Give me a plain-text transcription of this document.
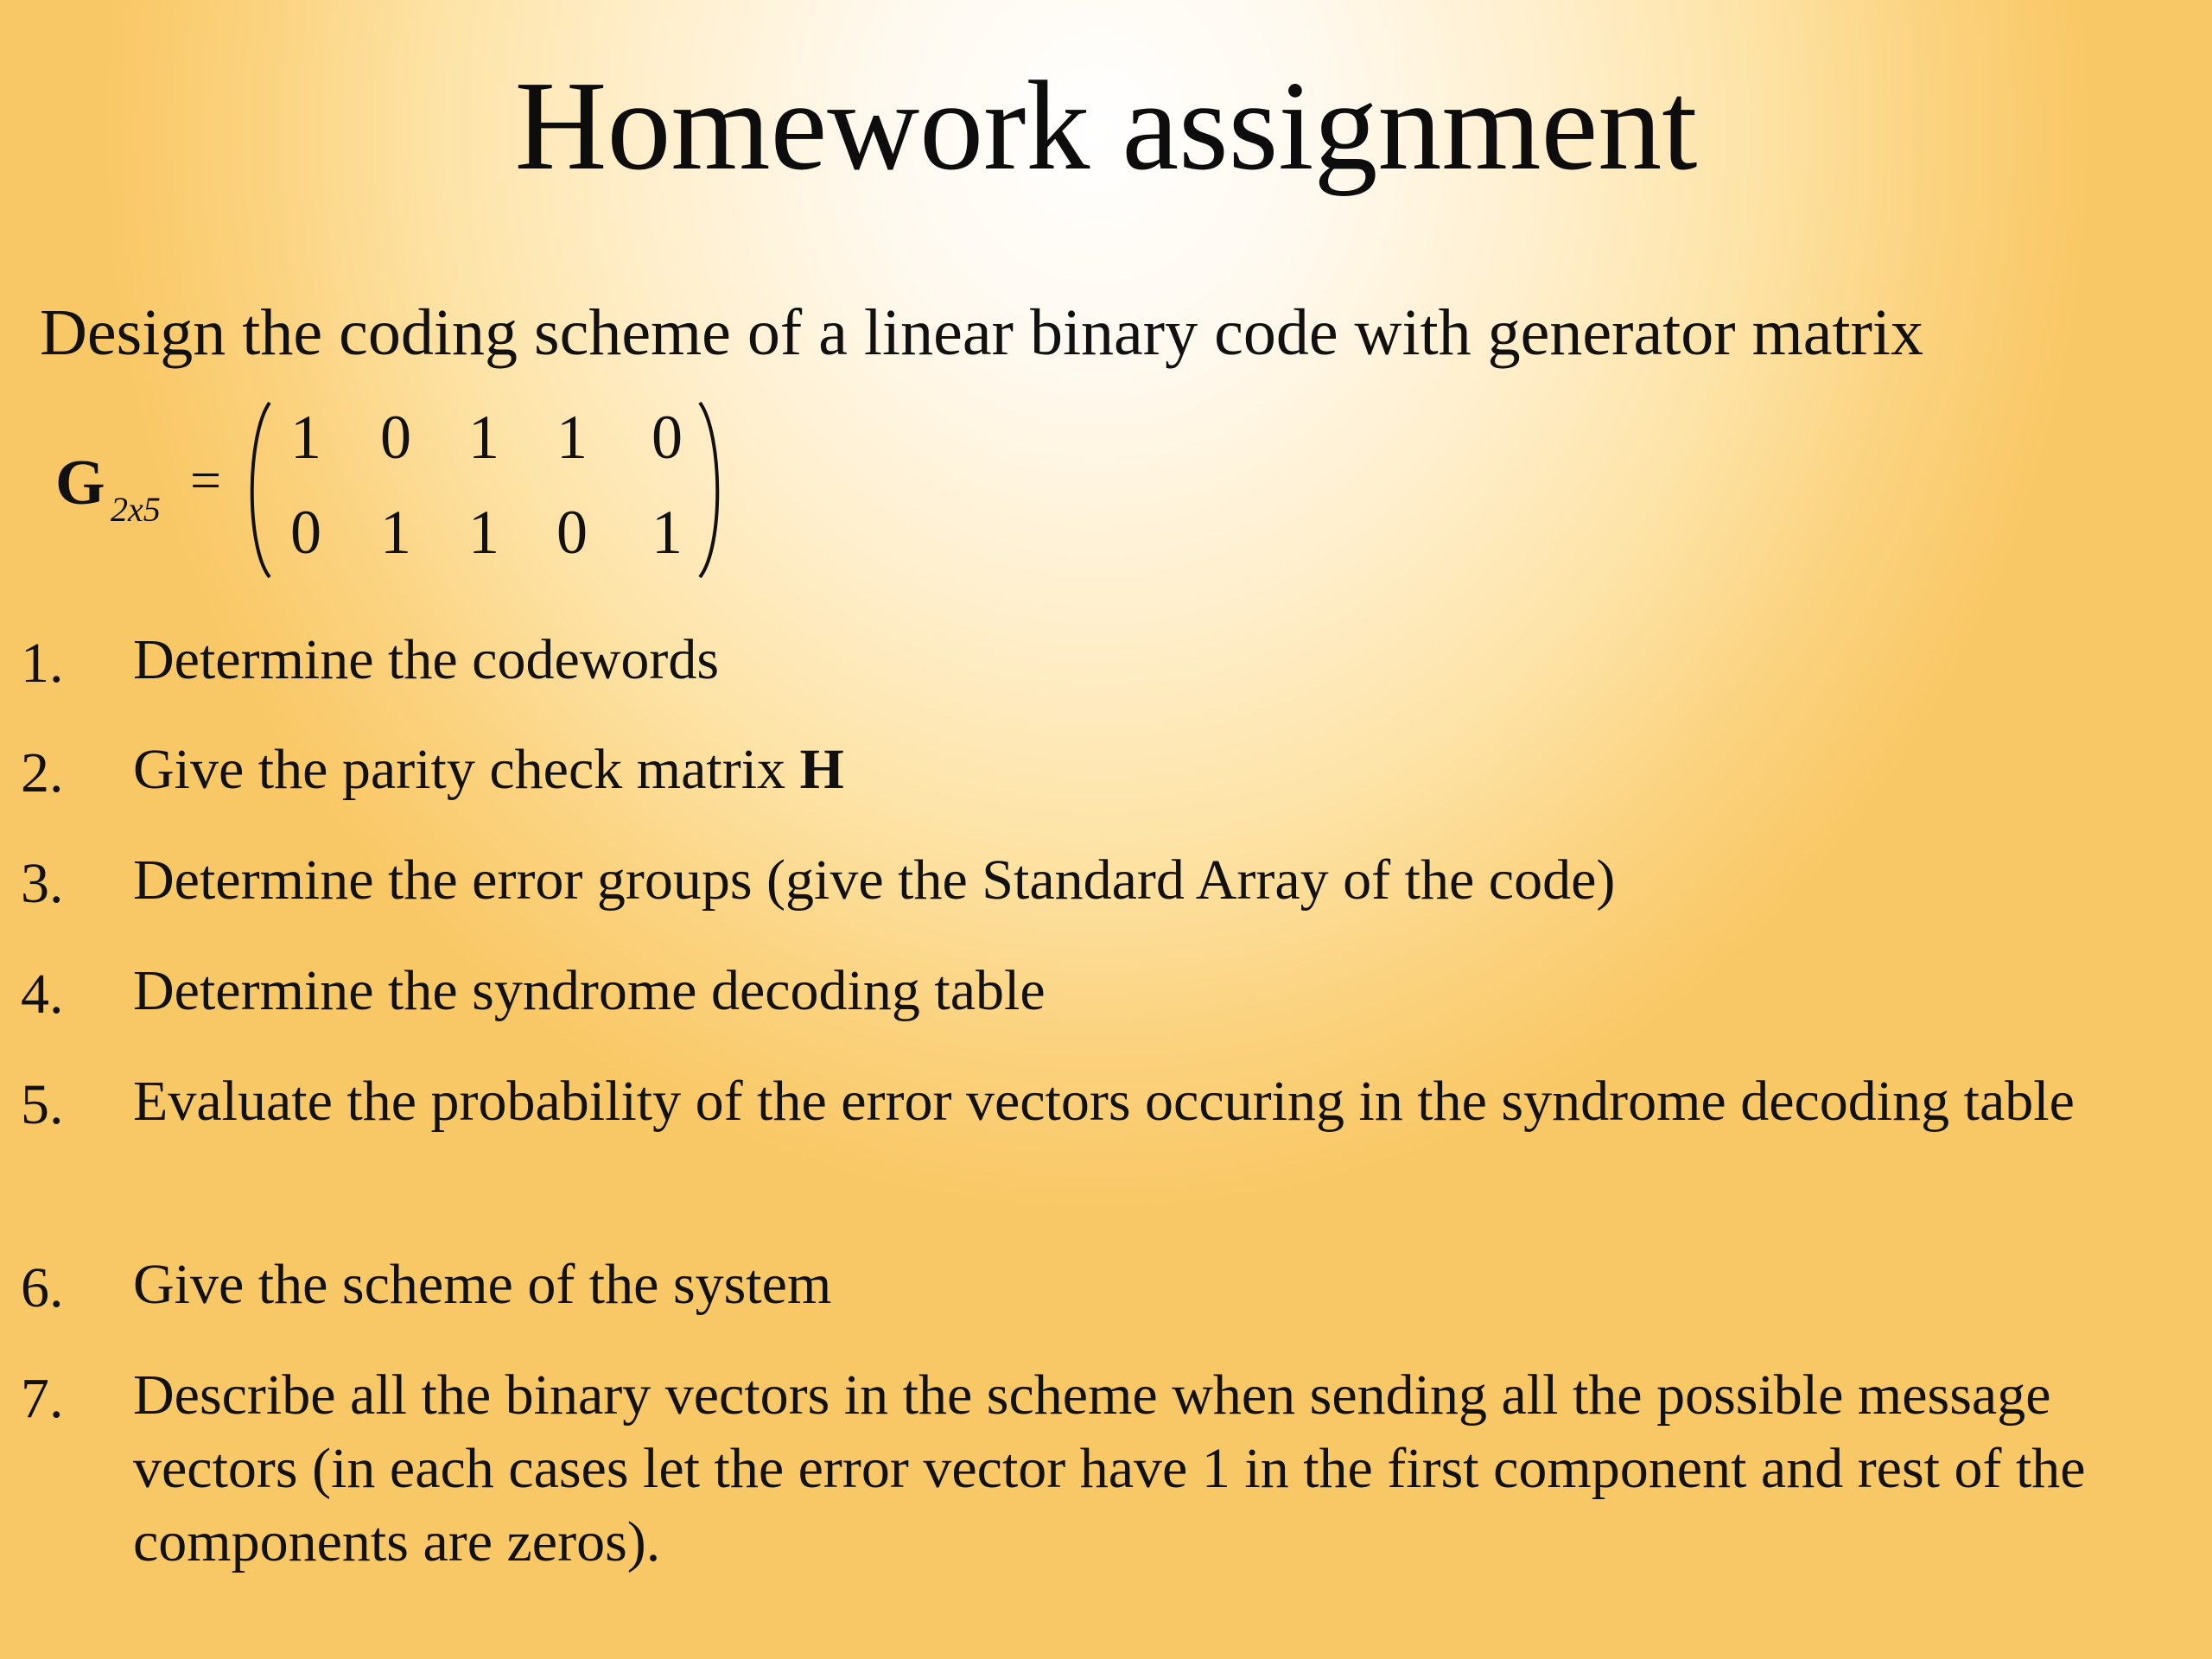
Homework assignment
Design the coding scheme of a linear binary code with generator matrix
G 2x5 =
1 0 1 1	0
0 1 1 0	1
1. Determine the codewords
2. Give the parity check matrix H
3. Determine the error groups (give the Standard Array of the code)
4. Determine the syndrome decoding table
5. Evaluate the probability of the error vectors occuring in the syndrome decoding table
6. Give the scheme of the system
7. Describe all the binary vectors in the scheme when sending all the possible message vectors (in each cases let the error vector have 1 in the first component and rest of the components are zeros).
